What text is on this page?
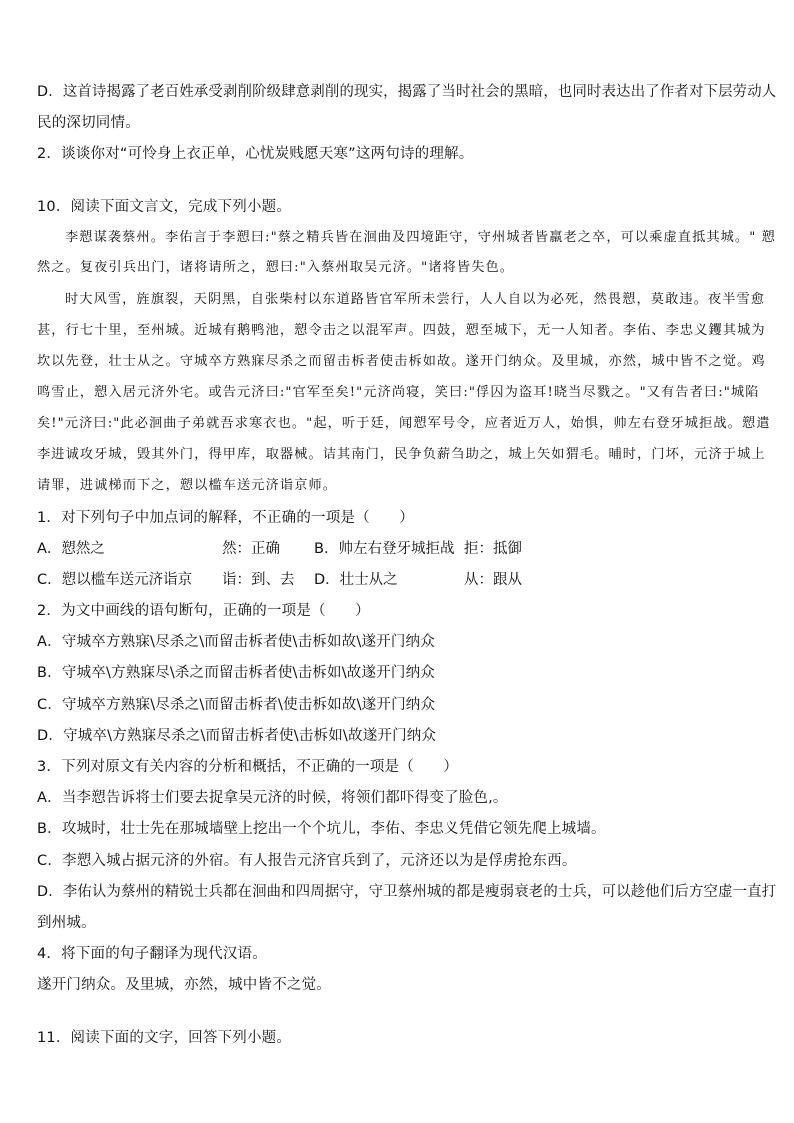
D．这首诗揭露了老百姓承受剥削阶级肆意剥削的现实，揭露了当时社会的黑暗，也同时表达出了作者对下层劳动人
民的深切同情。
2．谈谈你对“可怜身上衣正单，心忧炭贱愿天寒”这两句诗的理解。
10．阅读下面文言文，完成下列小题。
李愬谋袭蔡州。李佑言于李愬曰:"蔡之精兵皆在洄曲及四境距守，守州城者皆羸老之卒，可以乘虚直抵其城。" 愬
然之。复夜引兵出门，诸将请所之，愬曰:"入蔡州取吴元济。"诸将皆失色。
时大风雪，旌旗裂，天阴黑，自张柴村以东道路皆官军所未尝行，人人自以为必死，然畏愬，莫敢违。夜半雪愈
甚，行七十里，至州城。近城有鹅鸭池，愬令击之以混军声。四鼓，愬至城下，无一人知者。李佑、李忠义钁其城为
坎以先登，壮士从之。守城卒方熟寐尽杀之而留击柝者使击柝如故。遂开门纳众。及里城，亦然，城中皆不之觉。鸡
鸣雪止，愬入居元济外宅。或告元济曰:"官军至矣!"元济尚寝，笑曰:"俘囚为盗耳!晓当尽戮之。"又有告者曰:"城陷
矣!"元济曰:"此必洄曲子弟就吾求寒衣也。"起，听于廷，闻愬军号令，应者近万人，始惧，帅左右登牙城拒战。愬遣
李进诚攻牙城，毁其外门，得甲库，取器械。诘其南门，民争负薪刍助之，城上矢如猬毛。晡时，门坏，元济于城上
请罪，进诚梯而下之，愬以槛车送元济诣京师。
1．对下列句子中加点词的解释，不正确的一项是（　　）
A．愬然之	然：正确 B．帅左右登牙城拒战 拒：抵御
C．愬以槛车送元济诣京 诣：到、去 D．壮士从之	从：跟从
2．为文中画线的语句断句，正确的一项是（　　）
A．守城卒方熟寐\尽杀之\而留击柝者使\击柝如故\遂开门纳众
B．守城卒\方熟寐尽\杀之而留击柝者使\击柝如\故遂开门纳众
C．守城卒方熟寐\尽杀之\而留击柝者\使击柝如故\遂开门纳众
D．守城卒\方熟寐尽杀之\而留击柝者使\击柝如\故遂开门纳众
3．下列对原文有关内容的分析和概括，不正确的一项是（　　）
A．当李愬告诉将士们要去捉拿吴元济的时候，将领们都吓得变了脸色,。
B．攻城时，壮士先在那城墙壁上挖出一个个坑儿，李佑、李忠义凭借它领先爬上城墙。
C．李愬入城占据元济的外宿。有人报告元济官兵到了，元济还以为是俘虏抢东西。
D．李佑认为蔡州的精锐士兵都在洄曲和四周据守，守卫蔡州城的都是瘦弱衰老的士兵，可以趁他们后方空虚一直打
到州城。
4．将下面的句子翻译为现代汉语。
遂开门纳众。及里城，亦然，城中皆不之觉。
11．阅读下面的文字，回答下列小题。
